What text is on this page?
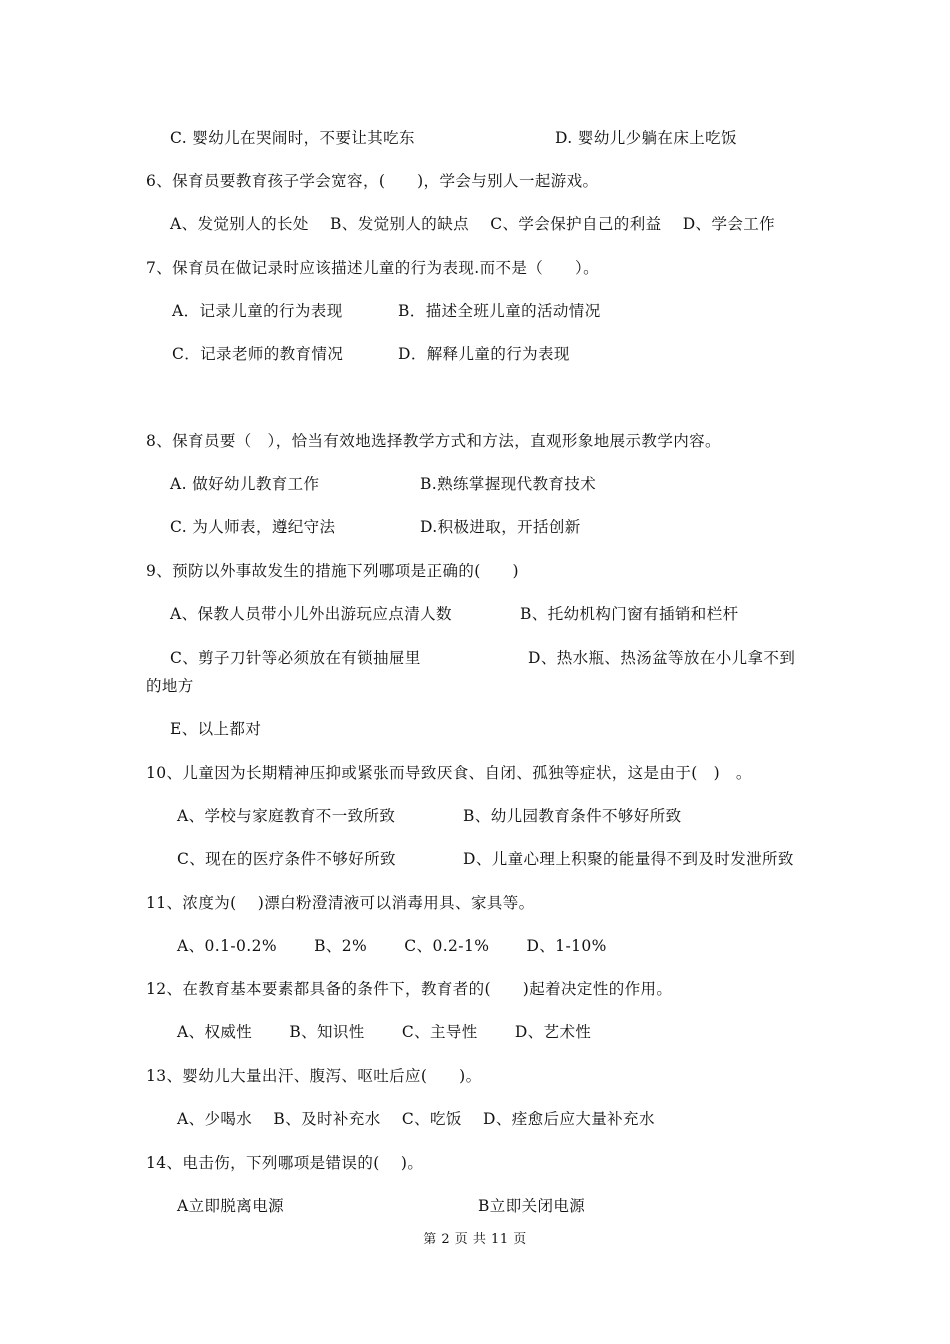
C. 婴幼儿在哭闹时，不要让其吃东	D. 婴幼儿少躺在床上吃饭
6、保育员要教育孩子学会宽容，(　　)，学会与别人一起游戏。
A、发觉别人的长处　 B、发觉别人的缺点　 C、学会保护自己的利益　 D、学会工作
7、保育员在做记录时应该描述儿童的行为表现.而不是（　　）。
A．记录儿童的行为表现	B．描述全班儿童的活动情况
C．记录老师的教育情况	D．解释儿童的行为表现
8、保育员要（　），恰当有效地选择教学方式和方法，直观形象地展示教学内容。
A. 做好幼儿教育工作	B.熟练掌握现代教育技术
C. 为人师表，遵纪守法	D.积极进取，开括创新
9、预防以外事故发生的措施下列哪项是正确的(　　)
A、保教人员带小儿外出游玩应点清人数	B、托幼机构门窗有插销和栏杆
C、剪子刀针等必须放在有锁抽屉里	D、热水瓶、热汤盆等放在小儿拿不到
的地方
E、以上都对
10、儿童因为长期精神压抑或紧张而导致厌食、自闭、孤独等症状，这是由于(　)　。
A、学校与家庭教育不一致所致	B、幼儿园教育条件不够好所致
C、现在的医疗条件不够好所致	D、儿童心理上积聚的能量得不到及时发泄所致
11、浓度为(　 )漂白粉澄清液可以消毒用具、家具等。
A、0.1-0.2%　　 B、2%　　 C、0.2-1%　　 D、1-10%
12、在教育基本要素都具备的条件下，教育者的(　　)起着决定性的作用。
A、权威性　　 B、知识性　　 C、主导性　　 D、艺术性
13、婴幼儿大量出汗、腹泻、呕吐后应(　　)。
A、少喝水　 B、及时补充水　 C、吃饭　 D、痊愈后应大量补充水
14、电击伤，下列哪项是错误的(　 )。
A立即脱离电源	B立即关闭电源
第 2 页 共 11 页
